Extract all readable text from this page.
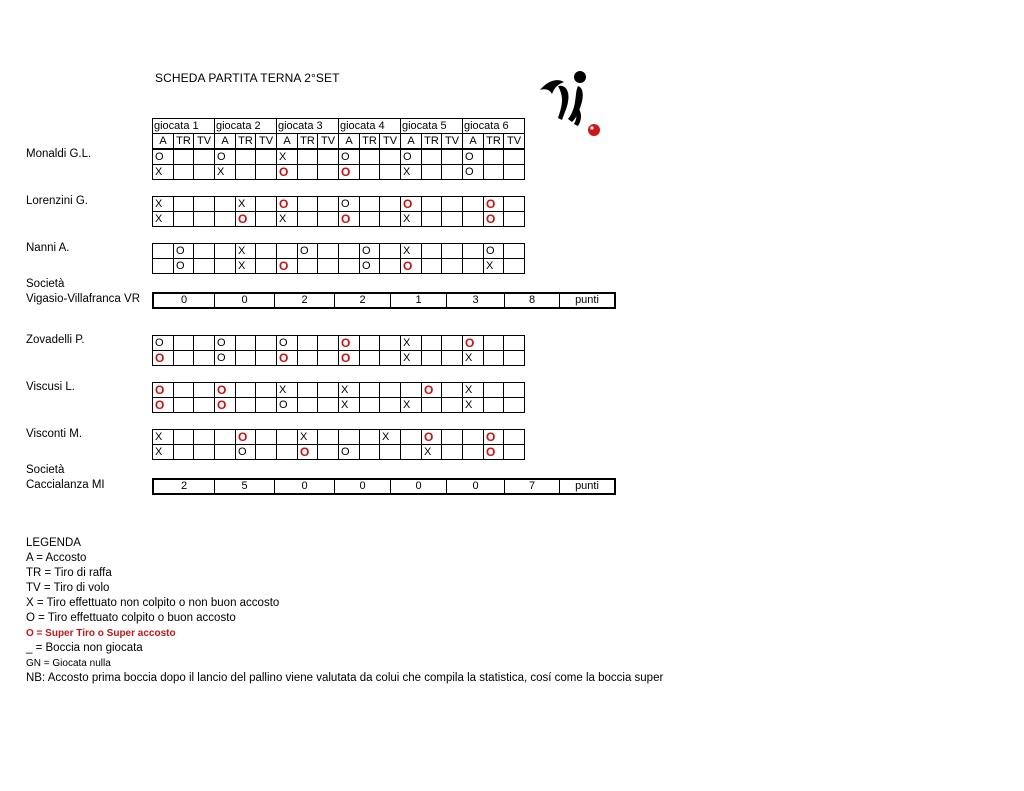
SCHEDA PARTITA TERNA 2°SET
giocata 1			giocata 2			giocata 3			giocata 4			giocata 5			giocata 6		
A	TR	TV	A	TR	TV	A	TR	TV	A	TR	TV	A	TR	TV	A	TR	TV
Monaldi G.L.	O			O			X			O			O			O		
X			X			O			O			X			O		
Lorenzini G.	X				X		O			O			O				O	
X				O		X			O			X				O	
Nanni A.
		O			X			O			O		X				O	
	O			X		O				O		O				X	
Società
Vigasio-Villafranca VR	0	0	2	2	1	3	8	punti
Zovadelli P.	O			O			O			O			X			O		
O			O			O			O			X			X		
Viscusi L.	O			O			X			X				O		X		
O			O			O			X			X			X		
Visconti M.	X				O			X				X		O			O	
X				O			O		O				X			O	
Società
Caccialanza MI	2	5	0	0	0	0	7	punti
LEGENDA
A = Accosto
TR = Tiro di raffa
TV = Tiro di volo
X = Tiro effettuato non colpito o non buon accosto
O = Tiro effettuato colpito o buon accosto
O = Super Tiro o Super accosto
_ = Boccia non giocata
GN = Giocata nulla
NB: Accosto prima boccia dopo il lancio del pallino viene valutata da colui che compila la statistica, cosí come la boccia super
